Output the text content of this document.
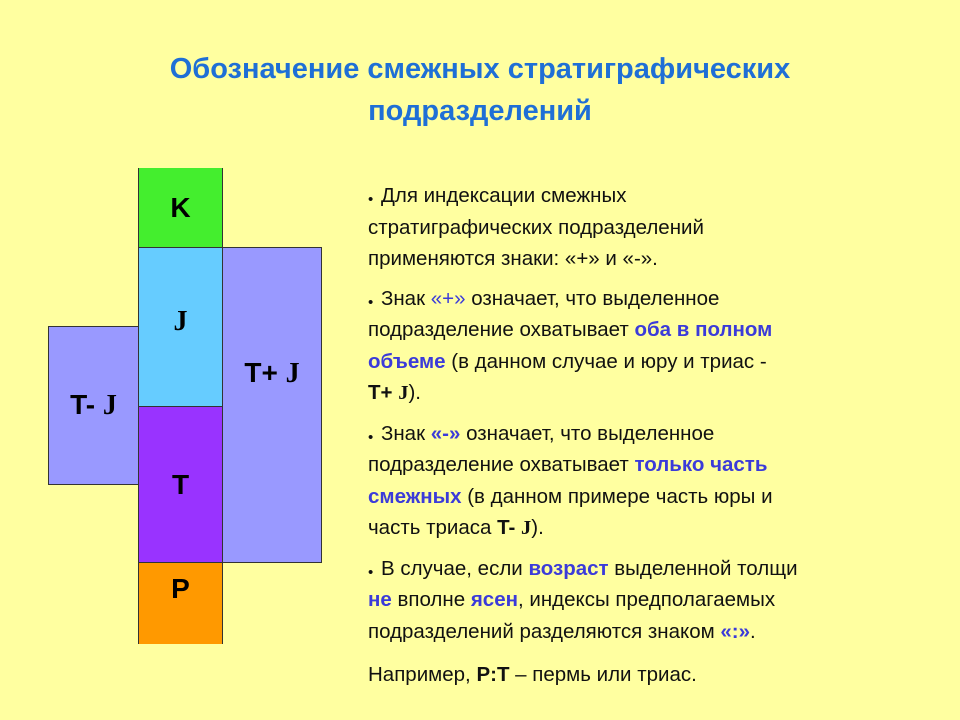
Обозначение смежных стратиграфических
подразделений
K
J
T
P
T- J
T+ J
• Для индексации смежных
стратиграфических подразделений
применяются знаки: «+» и «-».
• Знак «+» означает, что выделенное
подразделение охватывает оба в полном
объеме (в данном случае и юру и триас -
T+ J).
• Знак «-» означает, что выделенное
подразделение охватывает только часть
смежных (в данном примере часть юры и
часть триаса T- J).
• В случае, если возраст выделенной толщи
не вполне ясен, индексы предполагаемых
подразделений разделяются знаком «:».
Например, P:T – пермь или триас.
